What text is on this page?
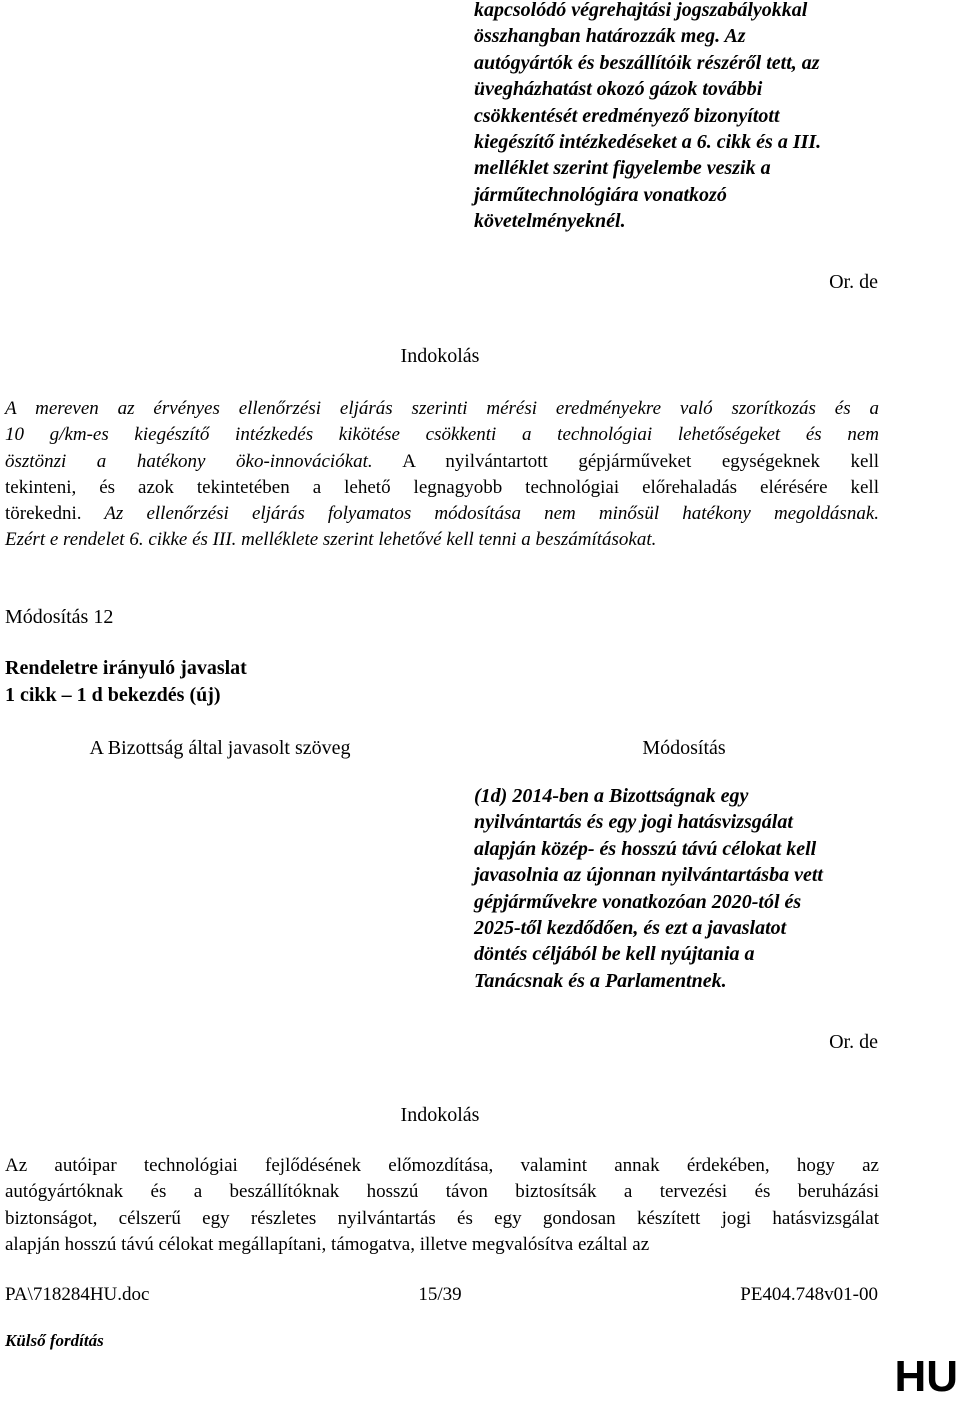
kapcsolódó végrehajtási jogszabályokkal
összhangban határozzák meg. Az
autógyártók és beszállítóik részéről tett, az
üvegházhatást okozó gázok további
csökkentését eredményező bizonyított
kiegészítő intézkedéseket a 6. cikk és a III.
melléklet szerint figyelembe veszik a
járműtechnológiára vonatkozó
követelményeknél.
Or. de
Indokolás
A mereven az érvényes ellenőrzési eljárás szerinti mérési eredményekre való szorítkozás és a
10 g/km-es kiegészítő intézkedés kikötése csökkenti a technológiai lehetőségeket és nem
ösztönzi a hatékony öko-innovációkat. A nyilvántartott gépjárműveket egységeknek kell
tekinteni, és azok tekintetében a lehető legnagyobb technológiai előrehaladás elérésére kell
törekedni. Az ellenőrzési eljárás folyamatos módosítása nem minősül hatékony megoldásnak.
Ezért e rendelet 6. cikke és III. melléklete szerint lehetővé kell tenni a beszámításokat.
Módosítás 12
Rendeletre irányuló javaslat
1 cikk – 1 d bekezdés (új)
A Bizottság által javasolt szöveg	Módosítás
(1d) 2014-ben a Bizottságnak egy
nyilvántartás és egy jogi hatásvizsgálat
alapján közép- és hosszú távú célokat kell
javasolnia az újonnan nyilvántartásba vett
gépjárművekre vonatkozóan 2020-tól és
2025-től kezdődően, és ezt a javaslatot
döntés céljából be kell nyújtania a
Tanácsnak és a Parlamentnek.
Or. de
Indokolás
Az autóipar technológiai fejlődésének előmozdítása, valamint annak érdekében, hogy az
autógyártóknak és a beszállítóknak hosszú távon biztosítsák a tervezési és beruházási
biztonságot, célszerű egy részletes nyilvántartás és egy gondosan készített jogi hatásvizsgálat
alapján hosszú távú célokat megállapítani, támogatva, illetve megvalósítva ezáltal az
PA\718284HU.doc	15/39	PE404.748v01-00
Külső fordítás
HU
